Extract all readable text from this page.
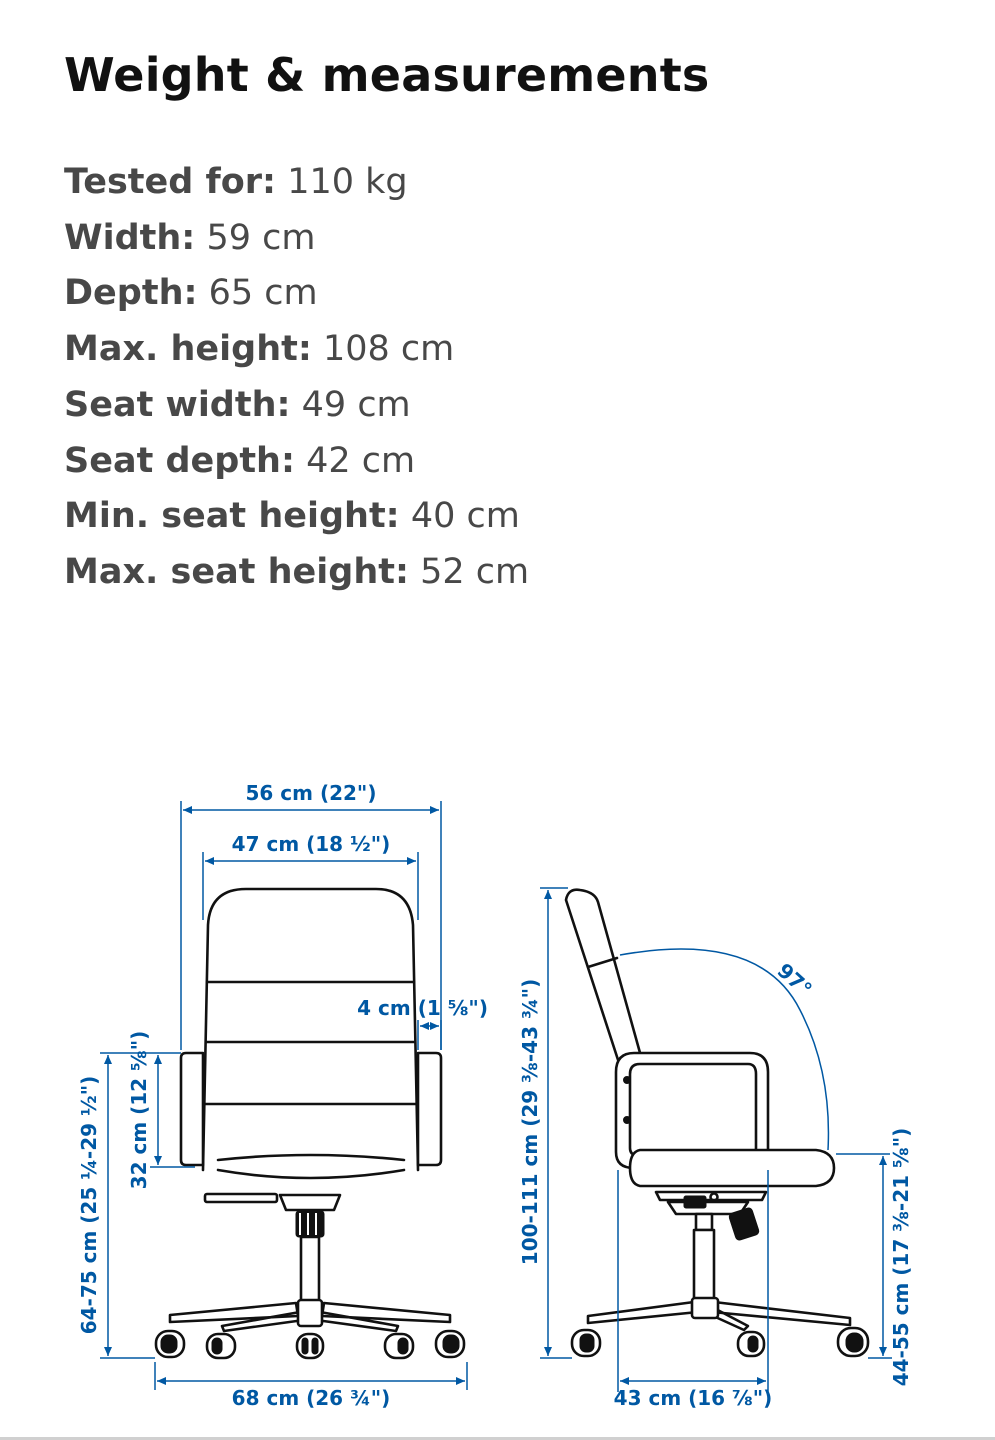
Weight & measurements
Tested for: 110 kg
Width: 59 cm
Depth: 65 cm
Max. height: 108 cm
Seat width: 49 cm
Seat depth: 42 cm
Min. seat height: 40 cm
Max. seat height: 52 cm
56 cm (22")
47 cm (18 ½")
4 cm (1 ⅝")
32 cm (12 ⅝")
64-75 cm (25 ¼-29 ½")
68 cm (26 ¾")
100-111 cm (29 ⅜-43 ¾")	97°
44-55 cm (17 ⅜-21 ⅝")
43 cm (16 ⅞")
